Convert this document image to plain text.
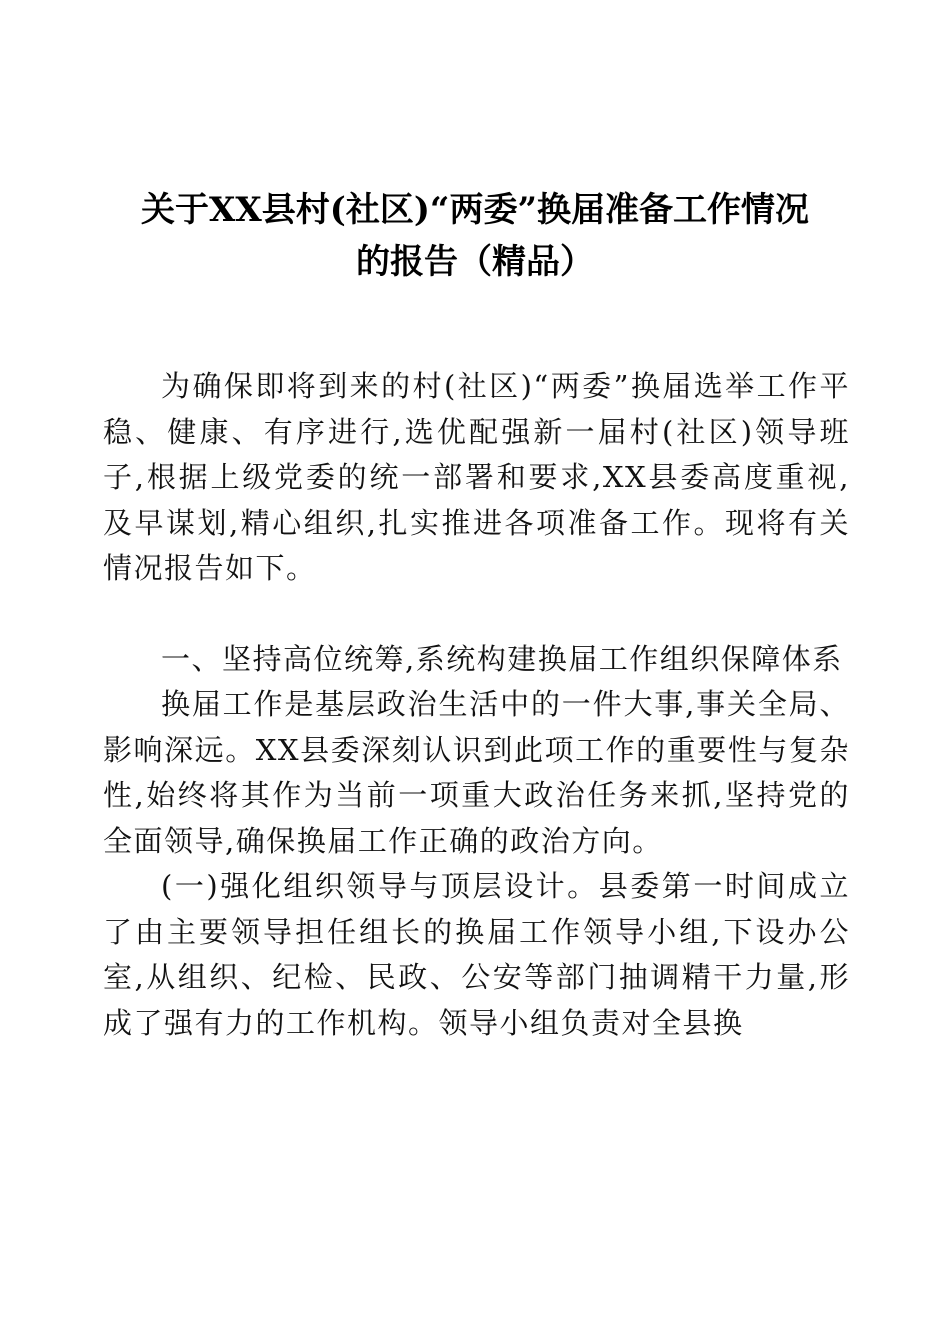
关于XX县村(社区)“两委”换届准备工作情况
的报告（精品）

为确保即将到来的村(社区)“两委”换届选举工作平稳、健康、有序进行,选优配强新一届村(社区)领导班子,根据上级党委的统一部署和要求,XX县委高度重视,及早谋划,精心组织,扎实推进各项准备工作。现将有关情况报告如下。

一、坚持高位统筹,系统构建换届工作组织保障体系

换届工作是基层政治生活中的一件大事,事关全局、影响深远。XX县委深刻认识到此项工作的重要性与复杂性,始终将其作为当前一项重大政治任务来抓,坚持党的全面领导,确保换届工作正确的政治方向。

(一)强化组织领导与顶层设计。县委第一时间成立了由主要领导担任组长的换届工作领导小组,下设办公室,从组织、纪检、民政、公安等部门抽调精干力量,形成了强有力的工作机构。领导小组负责对全县换
